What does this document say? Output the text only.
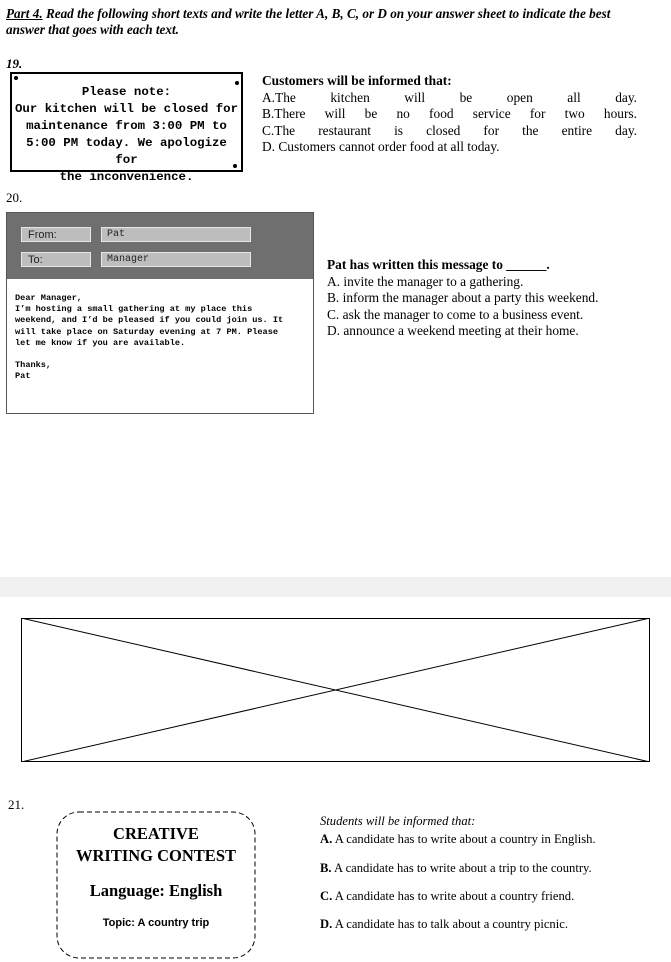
Part 4. Read the following short texts and write the letter A, B, C, or D on your answer sheet to indicate the best answer that goes with each text.
19.
Please note:
Our kitchen will be closed for
maintenance from 3:00 PM to
5:00 PM today. We apologize for
the inconvenience.
Customers will be informed that:
A.The kitchen will be open all day.
B.There will be no food service for two hours.
C.The restaurant is closed for the entire day.
D. Customers cannot order food at all today.
20.
From:	Pat
To:	Manager

Dear Manager,

I’m hosting a small gathering at my place this

weekend, and I’d be pleased if you could join us. It

will take place on Saturday evening at 7 PM. Please

let me know if you are available.

Thanks,

Pat

Pat has written this message to ______.
A. invite the manager to a gathering.
B. inform the manager about a party this weekend.
C. ask the manager to come to a business event.
D. announce a weekend meeting at their home.
21.
CREATIVE
WRITING CONTEST
Language: English
Topic: A country trip
Students will be informed that:
A. A candidate has to write about a country in English.
B. A candidate has to write about a trip to the country.
C. A candidate has to write about a country friend.
D. A candidate has to talk about a country picnic.
